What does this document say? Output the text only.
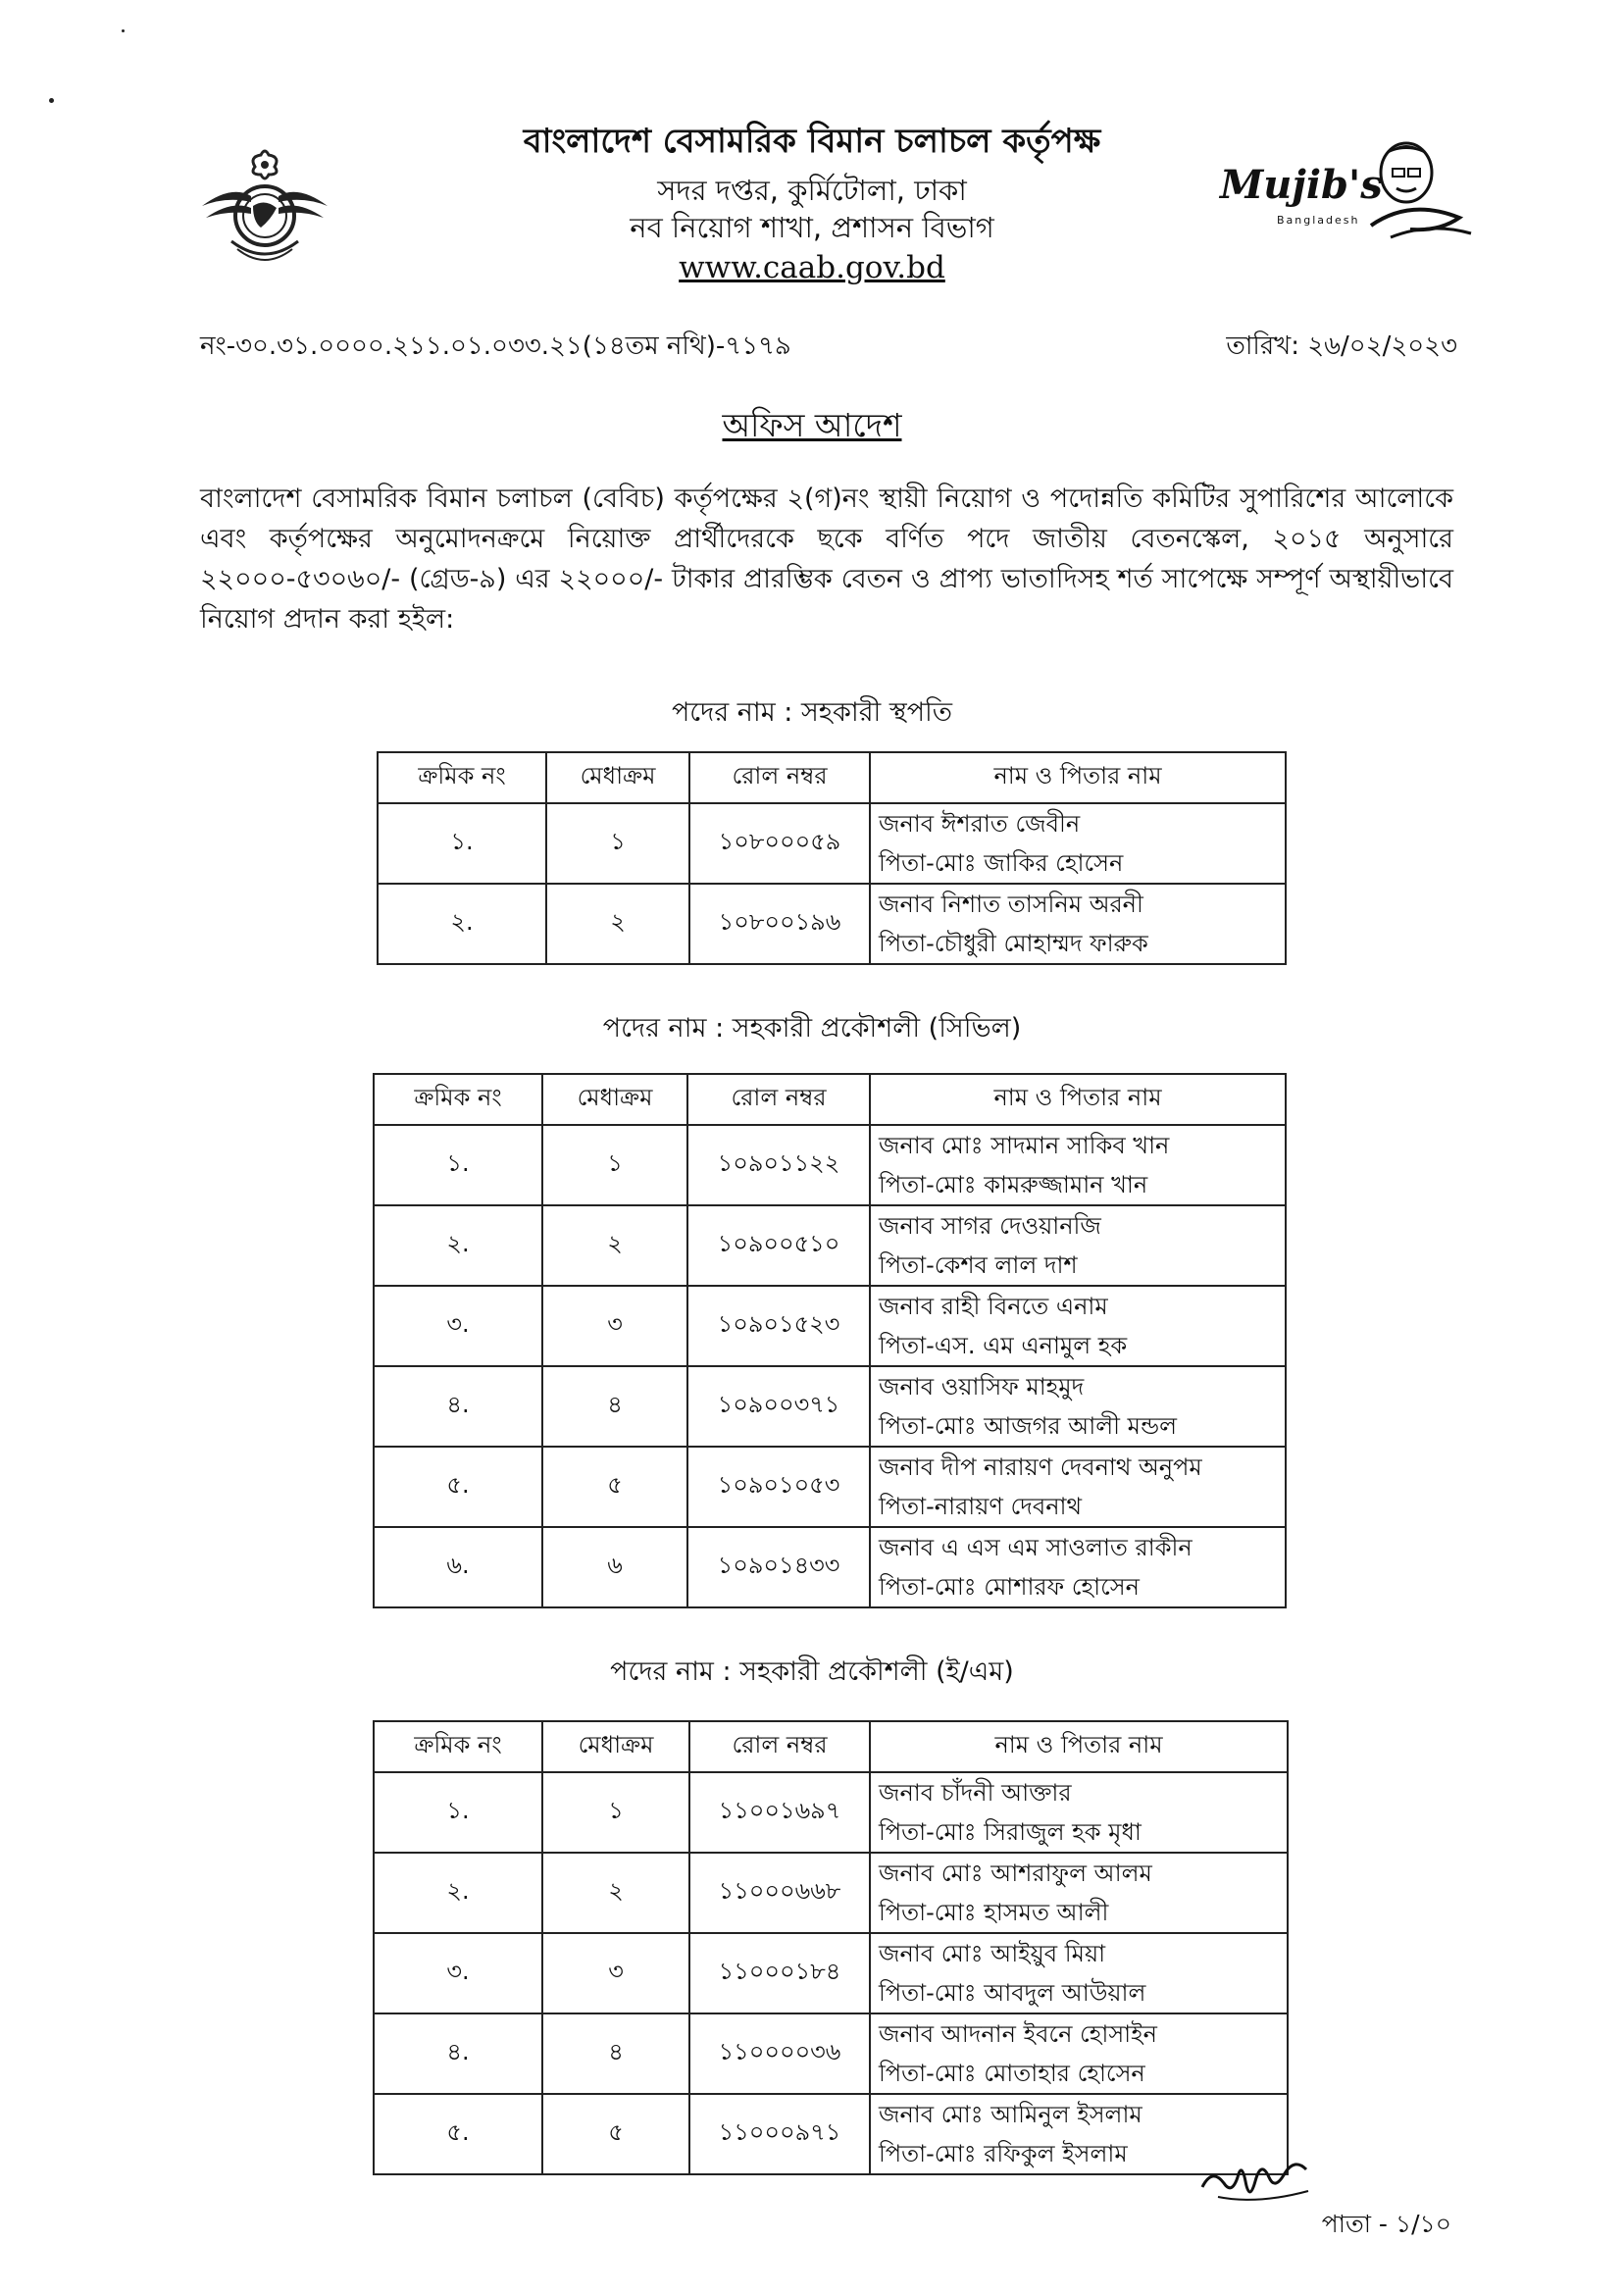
বাংলাদেশ বেসামরিক বিমান চলাচল কর্তৃপক্ষ
সদর দপ্তর, কুর্মিটোলা, ঢাকা
নব নিয়োগ শাখা, প্রশাসন বিভাগ
www.caab.gov.bd
Mujib's
Bangladesh
নং-৩০.৩১.০০০০.২১১.০১.০৩৩.২১(১৪তম নথি)-৭১৭৯	তারিখ: ২৬/০২/২০২৩
অফিস আদেশ
বাংলাদেশ বেসামরিক বিমান চলাচল (বেবিচ) কর্তৃপক্ষের ২(গ)নং স্থায়ী নিয়োগ ও পদোন্নতি কমিটির সুপারিশের আলোকে এবং কর্তৃপক্ষের অনুমোদনক্রমে নিয়োক্ত প্রার্থীদেরকে ছকে বর্ণিত পদে জাতীয় বেতনস্কেল, ২০১৫ অনুসারে ২২০০০-৫৩০৬০/- (গ্রেড-৯) এর ২২০০০/- টাকার প্রারম্ভিক বেতন ও প্রাপ্য ভাতাদিসহ শর্ত সাপেক্ষে সম্পূর্ণ অস্থায়ীভাবে নিয়োগ প্রদান করা হইল:
পদের নাম : সহকারী স্থপতি
ক্রমিক নং	মেধাক্রম	রোল নম্বর	নাম ও পিতার নাম
১.	১	১০৮০০০৫৯	জনাব ঈশরাত জেবীন
পিতা-মোঃ জাকির হোসেন

২.	২	১০৮০০১৯৬	জনাব নিশাত তাসনিম অরনী
পিতা-চৌধুরী মোহাম্মদ ফারুক
পদের নাম : সহকারী প্রকৌশলী (সিভিল)
ক্রমিক নং	মেধাক্রম	রোল নম্বর	নাম ও পিতার নাম
১.	১	১০৯০১১২২	জনাব মোঃ সাদমান সাকিব খান
পিতা-মোঃ কামরুজ্জামান খান

২.	২	১০৯০০৫১০	জনাব সাগর দেওয়ানজি
পিতা-কেশব লাল দাশ

৩.	৩	১০৯০১৫২৩	জনাব রাহী বিনতে এনাম
পিতা-এস. এম এনামুল হক

৪.	৪	১০৯০০৩৭১	জনাব ওয়াসিফ মাহমুদ
পিতা-মোঃ আজগর আলী মন্ডল

৫.	৫	১০৯০১০৫৩	জনাব দীপ নারায়ণ দেবনাথ অনুপম
পিতা-নারায়ণ দেবনাথ

৬.	৬	১০৯০১৪৩৩	জনাব এ এস এম সাওলাত রাকীন
পিতা-মোঃ মোশারফ হোসেন
পদের নাম : সহকারী প্রকৌশলী (ই/এম)
ক্রমিক নং	মেধাক্রম	রোল নম্বর	নাম ও পিতার নাম
১.	১	১১০০১৬৯৭	জনাব চাঁদনী আক্তার
পিতা-মোঃ সিরাজুল হক মৃধা

২.	২	১১০০০৬৬৮	জনাব মোঃ আশরাফুল আলম
পিতা-মোঃ হাসমত আলী

৩.	৩	১১০০০১৮৪	জনাব মোঃ আইয়ুব মিয়া
পিতা-মোঃ আবদুল আউয়াল

৪.	৪	১১০০০০৩৬	জনাব আদনান ইবনে হোসাইন
পিতা-মোঃ মোতাহার হোসেন

৫.	৫	১১০০০৯৭১	জনাব মোঃ আমিনুল ইসলাম
পিতা-মোঃ রফিকুল ইসলাম
পাতা - ১/১০
